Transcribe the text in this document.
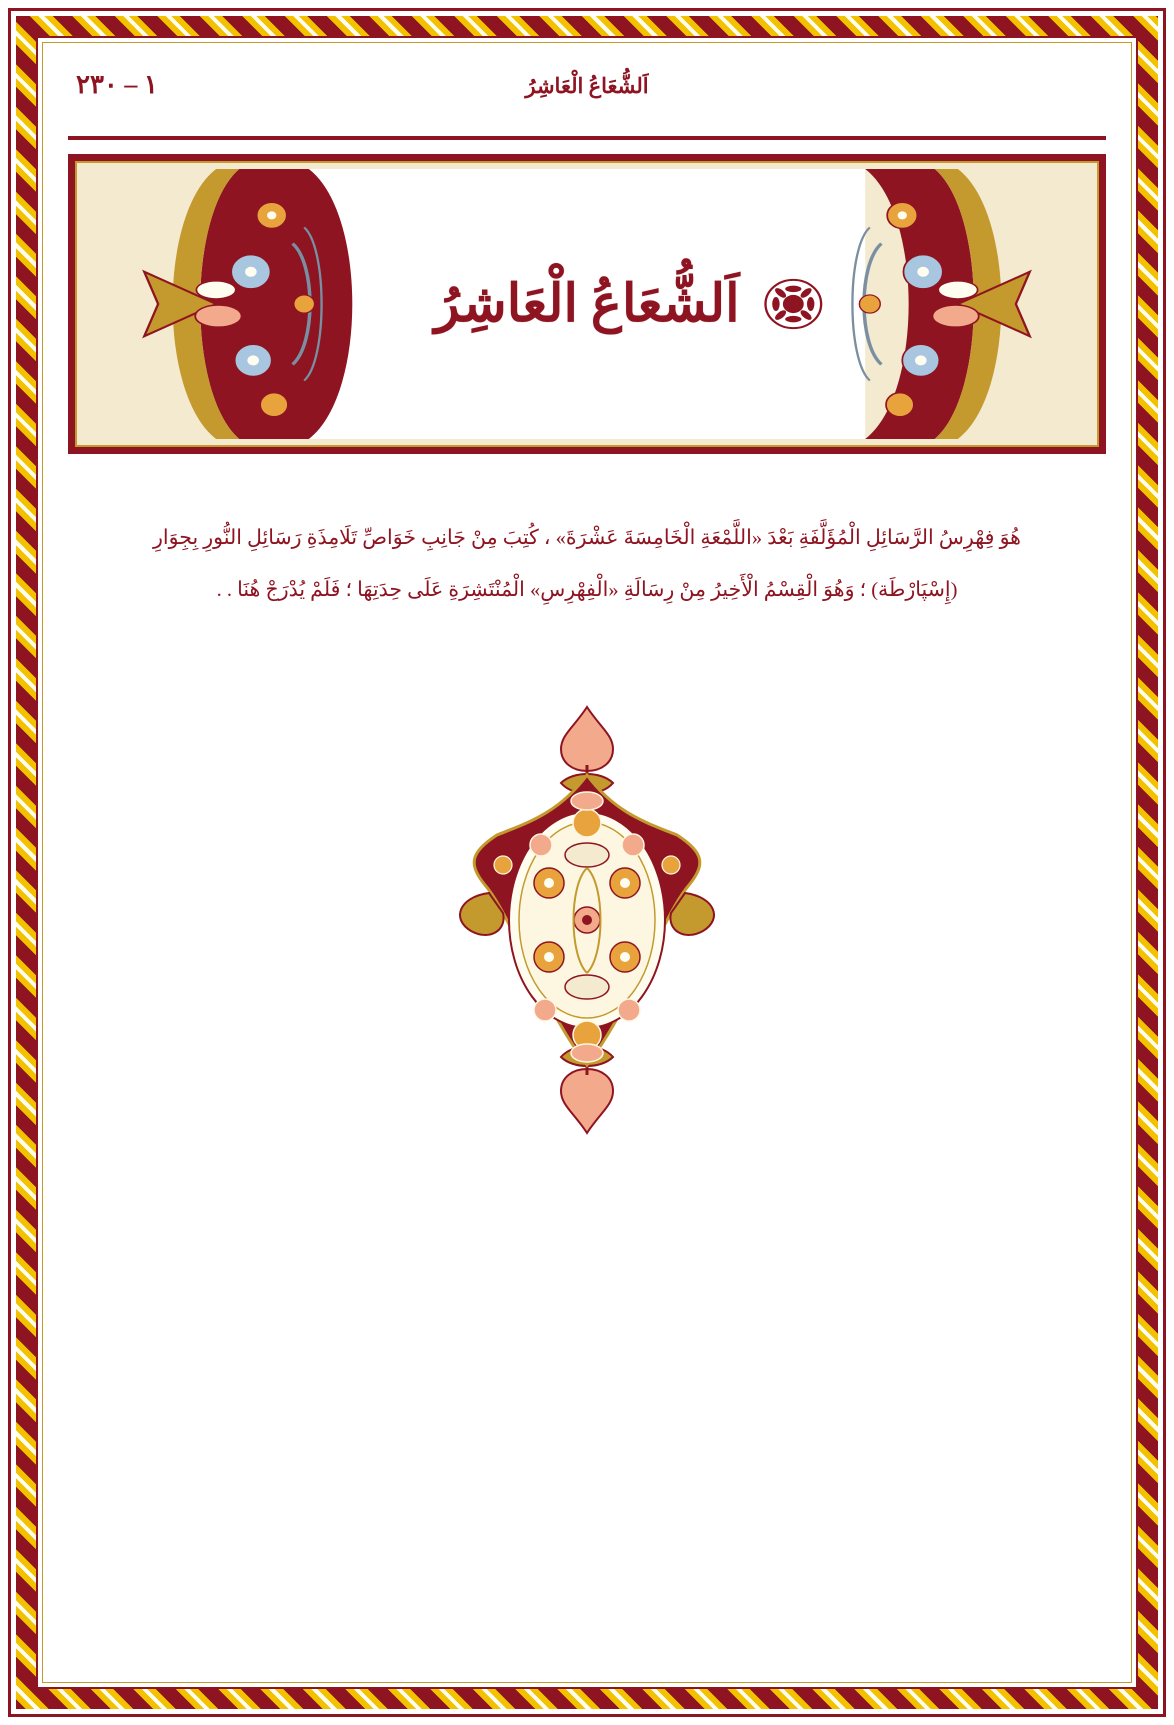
١ – ٢٣٠	اَلشُّعَاعُ الْعَاشِرُ
اَلشُّعَاعُ الْعَاشِرُ
هُوَ فِهْرِسُ الرَّسَائِلِ الْمُؤَلَّفَةِ بَعْدَ «اللَّمْعَةِ الْخَامِسَةَ عَشْرَةَ» ، كُتِبَ مِنْ جَانِبِ خَوَاصِّ تَلَامِذَةِ رَسَائِلِ النُّورِ بِجِوَارِ (إِسْپَارْطَة) ؛ وَهُوَ الْقِسْمُ الْأَخِيرُ مِنْ رِسَالَةِ «الْفِهْرِسِ» الْمُنْتَشِرَةِ عَلَى حِدَتِهَا ؛ فَلَمْ يُدْرَجْ هُنَا . .
